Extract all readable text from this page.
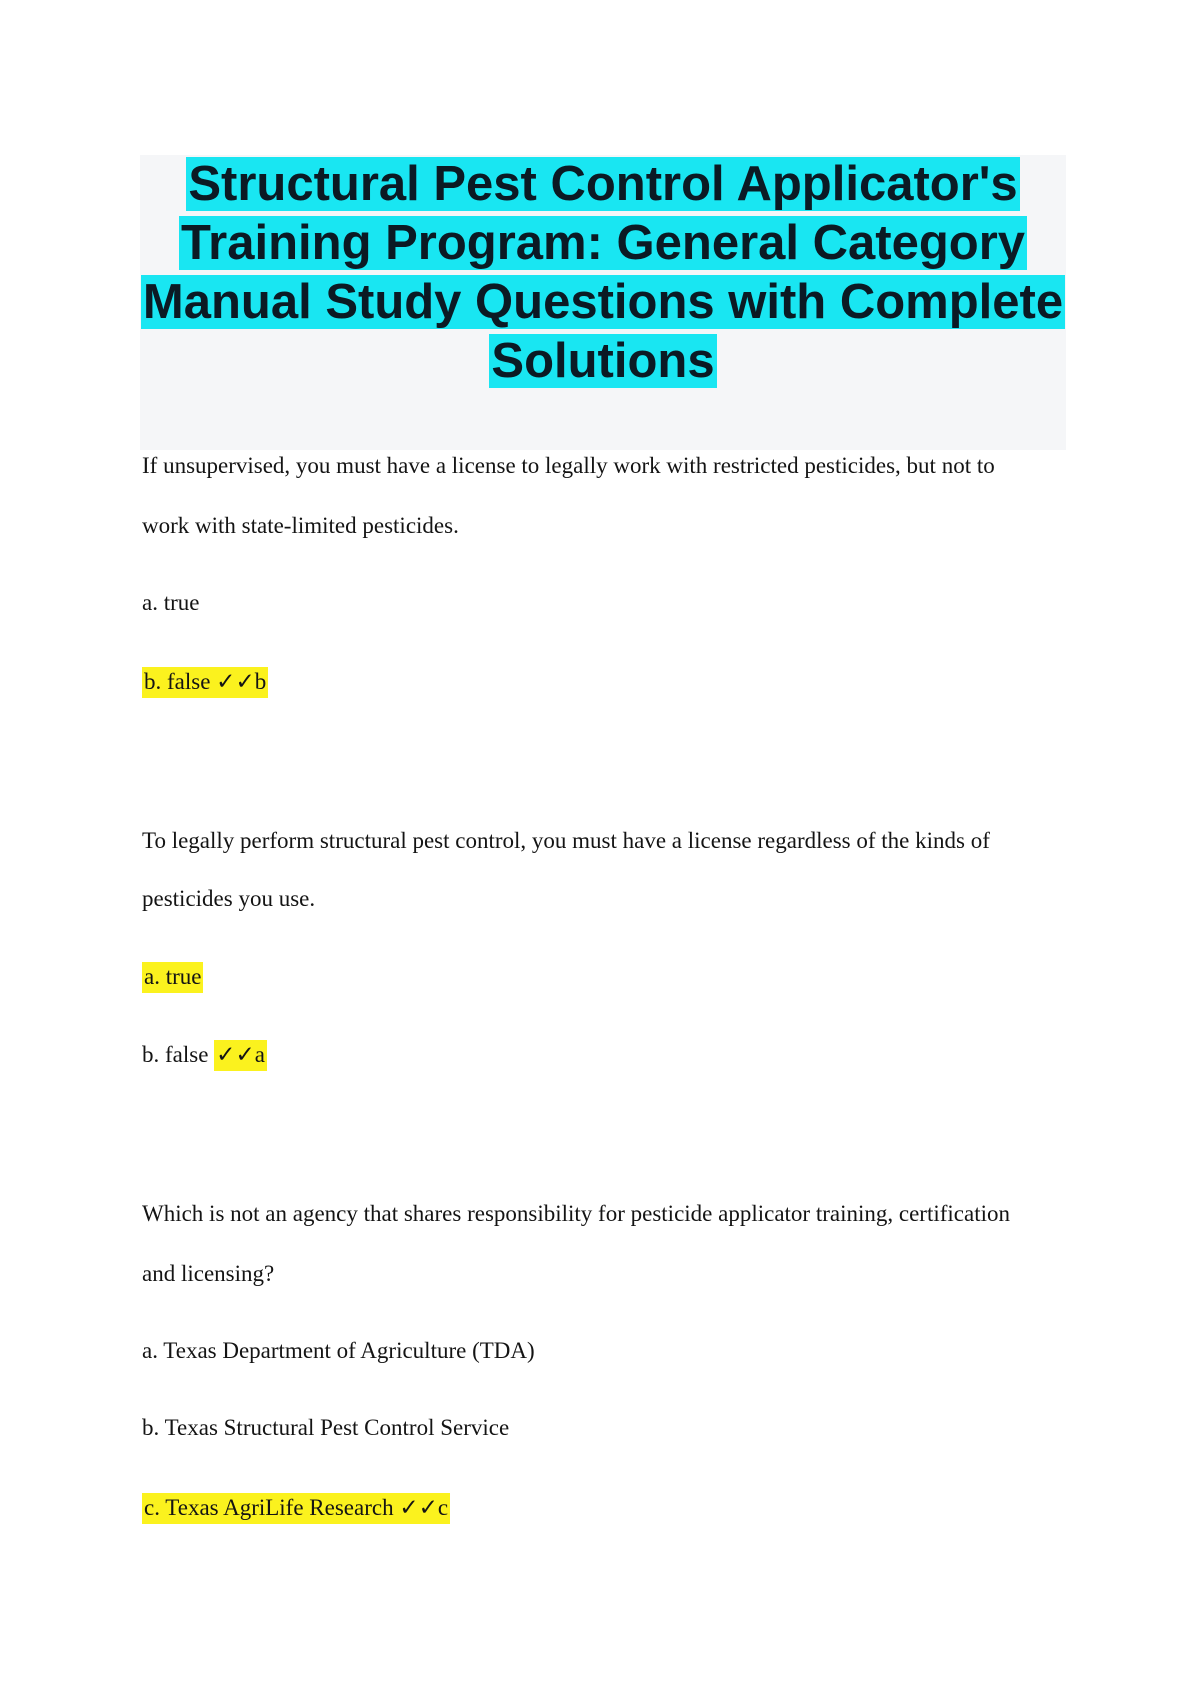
Structural Pest Control Applicator's Training Program: General Category Manual Study Questions with Complete Solutions

If unsupervised, you must have a license to legally work with restricted pesticides, but not to

work with state-limited pesticides.

a. true

b. false ✓✓b

To legally perform structural pest control, you must have a license regardless of the kinds of

pesticides you use.

a. true

b. false ✓✓a

Which is not an agency that shares responsibility for pesticide applicator training, certification

and licensing?

a. Texas Department of Agriculture (TDA)

b. Texas Structural Pest Control Service

c. Texas AgriLife Research ✓✓c
